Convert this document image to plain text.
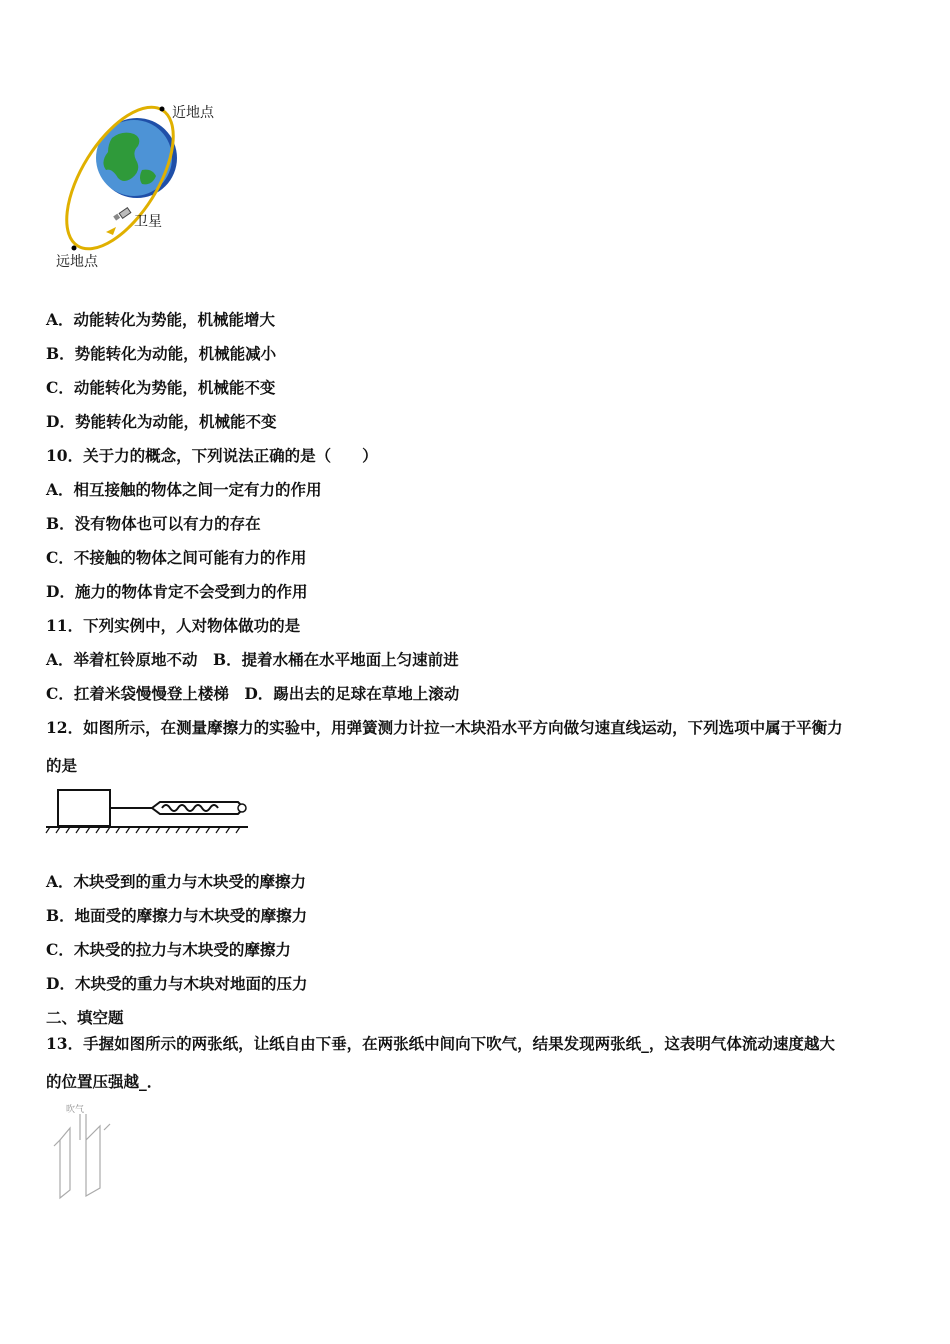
近地点
远地点
卫星
A．动能转化为势能，机械能增大
B．势能转化为动能，机械能减小
C．动能转化为势能，机械能不变
D．势能转化为动能，机械能不变
10．关于力的概念，下列说法正确的是（　　）
A．相互接触的物体之间一定有力的作用
B．没有物体也可以有力的存在
C．不接触的物体之间可能有力的作用
D．施力的物体肯定不会受到力的作用
11．下列实例中，人对物体做功的是
A．举着杠铃原地不动　B．提着水桶在水平地面上匀速前进
C．扛着米袋慢慢登上楼梯　D．踢出去的足球在草地上滚动
12．如图所示，在测量摩擦力的实验中，用弹簧测力计拉一木块沿水平方向做匀速直线运动，下列选项中属于平衡力
的是
A．木块受到的重力与木块受的摩擦力
B．地面受的摩擦力与木块受的摩擦力
C．木块受的拉力与木块受的摩擦力
D．木块受的重力与木块对地面的压力
二、填空题
13．手握如图所示的两张纸，让纸自由下垂，在两张纸中间向下吹气，结果发现两张纸_，这表明气体流动速度越大
的位置压强越_．
吹气
